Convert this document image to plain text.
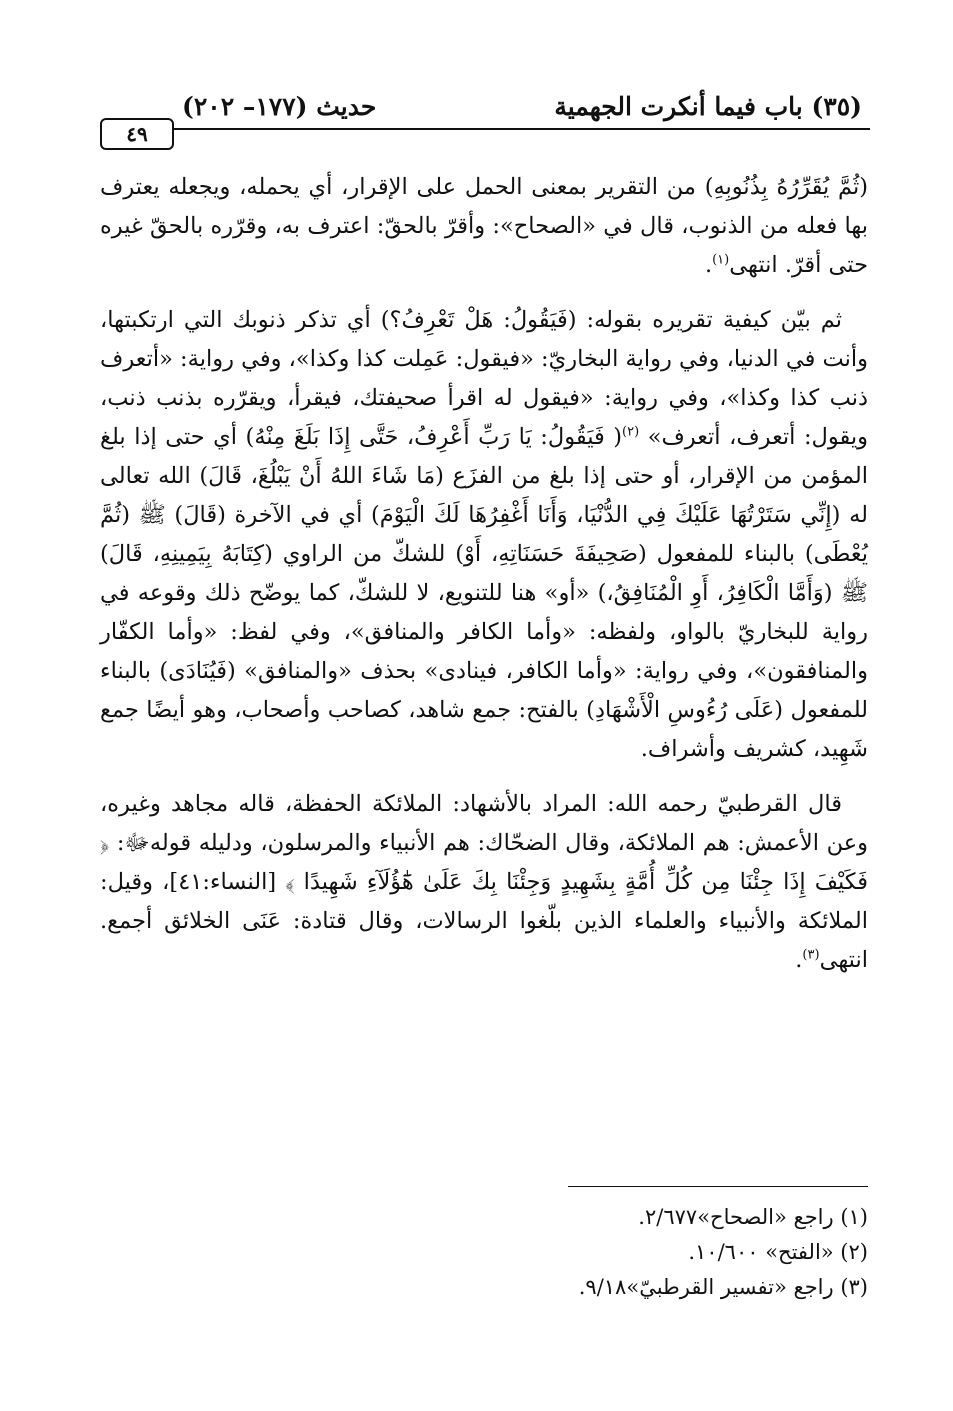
(٣٥) باب فيما أنكرت الجهمية
حديث (١٧٧– ٢٠٢)
٤٩

(ثُمَّ يُقَرِّرُهُ بِذُنُوبِهِ) من التقرير بمعنى الحمل على الإقرار، أي يحمله، ويجعله يعترف بها فعله من الذنوب، قال في «الصحاح»: وأقرّ بالحقّ: اعترف به، وقرّره بالحقّ غيره حتى أقرّ. انتهى$^{(١)}$.

ثم بيّن كيفية تقريره بقوله: (فَيَقُولُ: هَلْ تَعْرِفُ؟) أي تذكر ذنوبك التي ارتكبتها، وأنت في الدنيا، وفي رواية البخاريّ: «فيقول: عَمِلت كذا وكذا»، وفي رواية: «أتعرف ذنب كذا وكذا»، وفي رواية: «فيقول له اقرأ صحيفتك، فيقرأ، ويقرّره بذنب ذنب، ويقول: أتعرف، أتعرف» $^{(٢)}$( فَيَقُولُ: يَا رَبِّ أَعْرِفُ، حَتَّى إِذَا بَلَغَ مِنْهُ) أي حتى إذا بلغ المؤمن من الإقرار، أو حتى إذا بلغ من الفزَع (مَا شَاءَ اللهُ أَنْ يَبْلُغَ، قَالَ) الله تعالى له (إِنِّي سَتَرْتُهَا عَلَيْكَ فِي الدُّنْيَا، وَأَنَا أَغْفِرُهَا لَكَ الْيَوْمَ) أي في الآخرة (قَالَ) ﷺ (ثُمَّ يُعْطَى) بالبناء للمفعول (صَحِيفَةَ حَسَنَاتِهِ، أَوْ) للشكّ من الراوي (كِتَابَهُ بِيَمِينِهِ، قَالَ) ﷺ (وَأَمَّا الْكَافِرُ، أَوِ الْمُنَافِقُ،) «أو» هنا للتنويع، لا للشكّ، كما يوضّح ذلك وقوعه في رواية للبخاريّ بالواو، ولفظه: «وأما الكافر والمنافق»، وفي لفظ: «وأما الكفّار والمنافقون»، وفي رواية: «وأما الكافر، فينادى» بحذف «والمنافق» (فَيُنَادَى) بالبناء للمفعول (عَلَى رُءُوسِ الْأَشْهَادِ) بالفتح: جمع شاهد، كصاحب وأصحاب، وهو أيضًا جمع شَهِيد، كشريف وأشراف.

قال القرطبيّ رحمه الله: المراد بالأشهاد: الملائكة الحفظة، قاله مجاهد وغيره، وعن الأعمش: هم الملائكة، وقال الضحّاك: هم الأنبياء والمرسلون، ودليله قولهﷻ: ﴿ فَكَيْفَ إِذَا جِئْنَا مِن كُلِّ أُمَّةٍ بِشَهِيدٍ وَجِئْنَا بِكَ عَلَىٰ هَٰٓؤُلَآءِ شَهِيدًا ﴾ [النساء:٤١]، وقيل: الملائكة والأنبياء والعلماء الذين بلّغوا الرسالات، وقال قتادة: عَنَى الخلائق أجمع. انتهى$^{(٣)}$.

(١) راجع «الصحاح»٢/٦٧٧.
(٢) «الفتح» ١٠/٦٠٠.
(٣) راجع «تفسير القرطبيّ»٩/١٨.
